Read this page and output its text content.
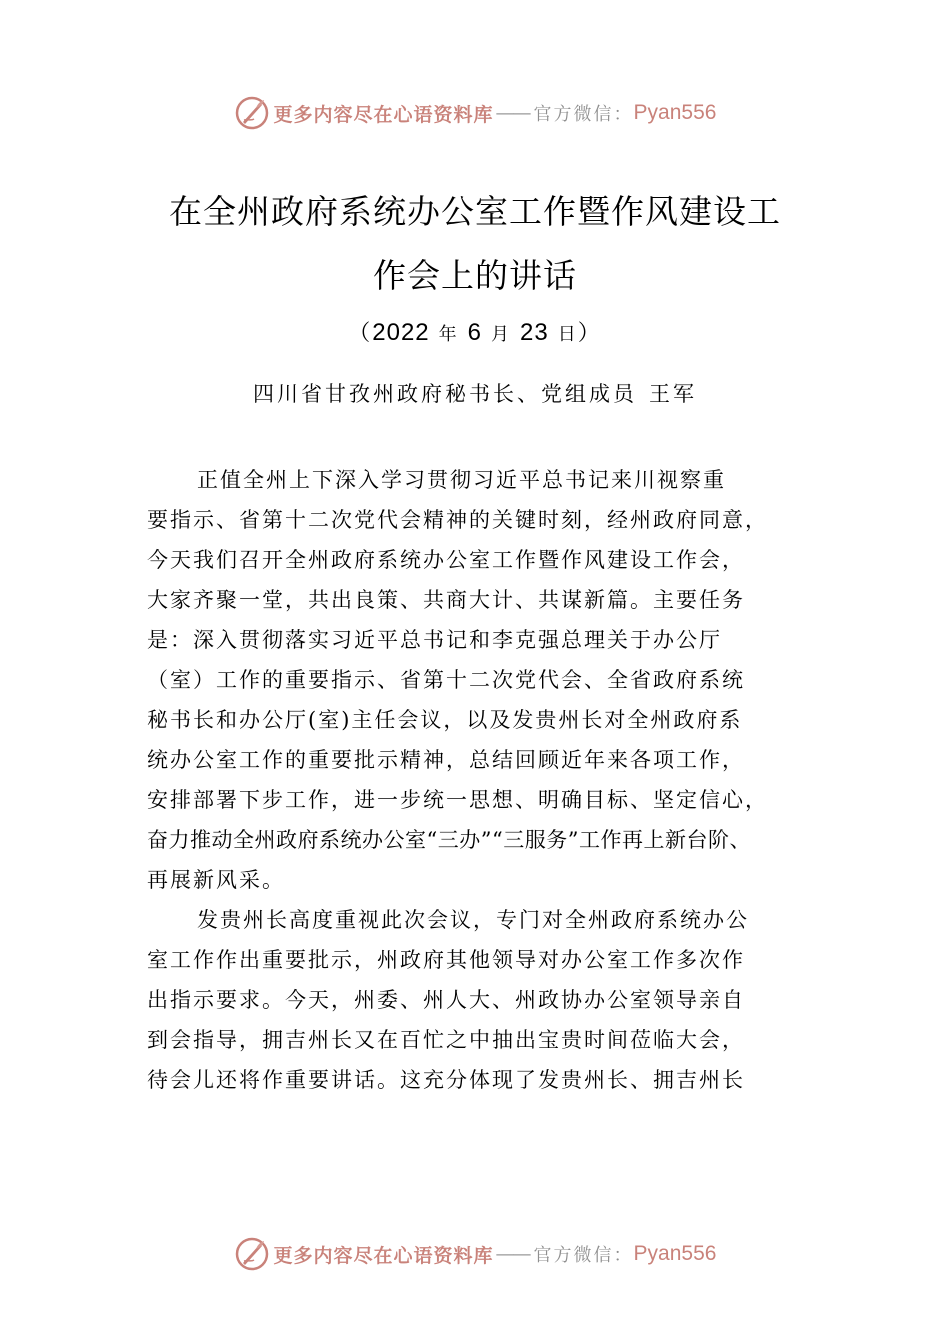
更多内容尽在心语资料库 —— 官方微信： Pyan556
在全州政府系统办公室工作暨作风建设工
作会上的讲话
（2022 年 6 月 23 日）
四川省甘孜州政府秘书长、党组成员 王军
正值全州上下深入学习贯彻习近平总书记来川视察重
要指示、省第十二次党代会精神的关键时刻，经州政府同意，
今天我们召开全州政府系统办公室工作暨作风建设工作会，
大家齐聚一堂，共出良策、共商大计、共谋新篇。主要任务
是：深入贯彻落实习近平总书记和李克强总理关于办公厅
（室）工作的重要指示、省第十二次党代会、全省政府系统
秘书长和办公厅(室)主任会议，以及发贵州长对全州政府系
统办公室工作的重要批示精神，总结回顾近年来各项工作，
安排部署下步工作，进一步统一思想、明确目标、坚定信心，
奋力推动全州政府系统办公室“三办”“三服务”工作再上新台阶、
再展新风采。
发贵州长高度重视此次会议，专门对全州政府系统办公
室工作作出重要批示，州政府其他领导对办公室工作多次作
出指示要求。今天，州委、州人大、州政协办公室领导亲自
到会指导，拥吉州长又在百忙之中抽出宝贵时间莅临大会，
待会儿还将作重要讲话。这充分体现了发贵州长、拥吉州长
更多内容尽在心语资料库 —— 官方微信： Pyan556
